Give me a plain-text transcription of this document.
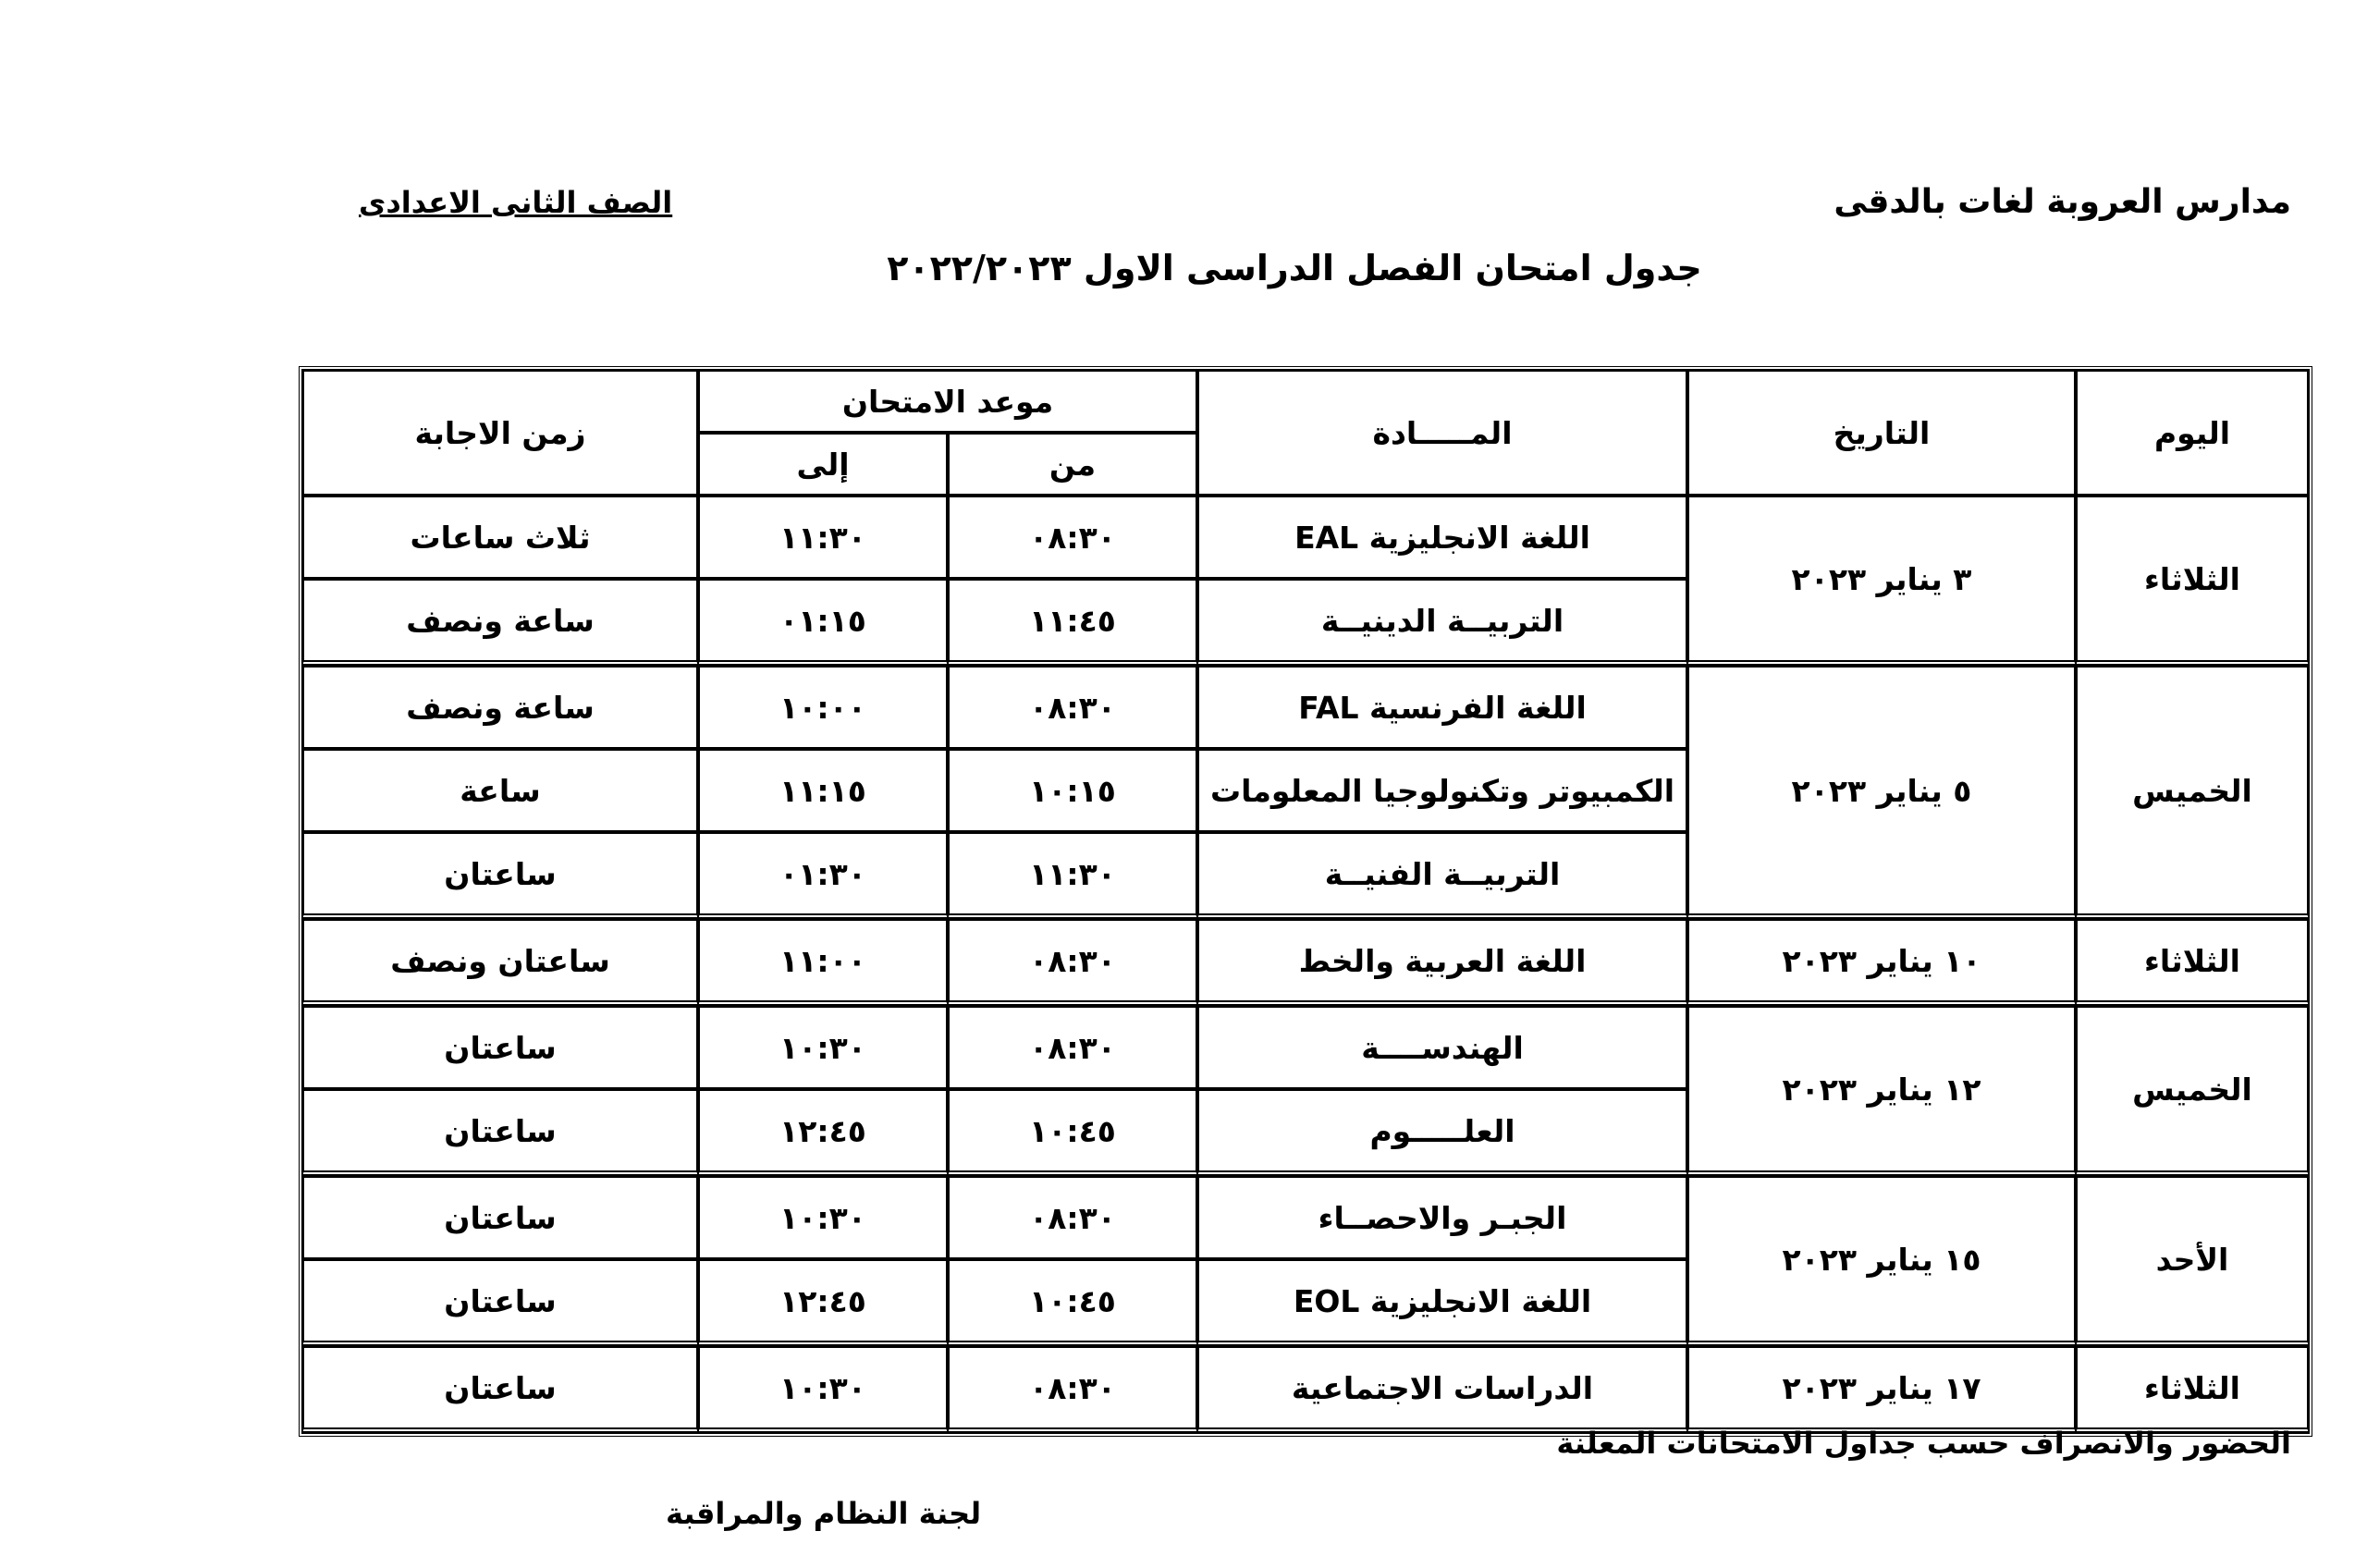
مدارس العروبة لغات بالدقى

الصف الثانى الاعدادى

جدول امتحان الفصل الدراسى الاول ٢٠٢٢/٢٠٢٣

اليوم	التاريخ	المـــــادة	موعد الامتحان		زمن الاجابة
			من	إلى	
الثلاثاء	٣ يناير ٢٠٢٣	اللغة الانجليزية EAL	٠٨:٣٠	١١:٣٠	ثلاث ساعات
		التربيــة الدينيــة	١١:٤٥	٠١:١٥	ساعة ونصف
الخميس	٥ يناير ٢٠٢٣	اللغة الفرنسية FAL	٠٨:٣٠	١٠:٠٠	ساعة ونصف
		الكمبيوتر وتكنولوجيا المعلومات	١٠:١٥	١١:١٥	ساعة
		التربيــة الفنيــة	١١:٣٠	٠١:٣٠	ساعتان
الثلاثاء	١٠ يناير ٢٠٢٣	اللغة العربية والخط	٠٨:٣٠	١١:٠٠	ساعتان ونصف
الخميس	١٢ يناير ٢٠٢٣	الهندســــة	٠٨:٣٠	١٠:٣٠	ساعتان
		العلـــــوم	١٠:٤٥	١٢:٤٥	ساعتان
الأحد	١٥ يناير ٢٠٢٣	الجبـر والاحصــاء	٠٨:٣٠	١٠:٣٠	ساعتان
		اللغة الانجليزية EOL	١٠:٤٥	١٢:٤٥	ساعتان
الثلاثاء	١٧ يناير ٢٠٢٣	الدراسات الاجتماعية	٠٨:٣٠	١٠:٣٠	ساعتان

الحضور والانصراف حسب جداول الامتحانات المعلنة

لجنة النظام والمراقبة
